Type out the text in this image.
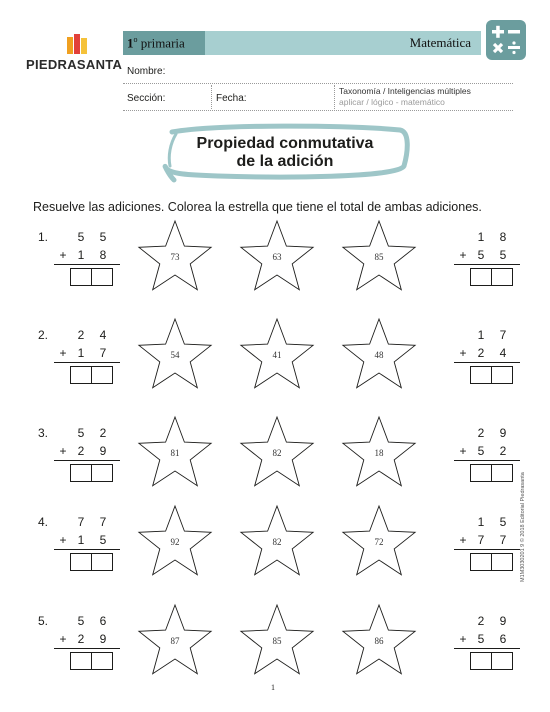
PIEDRASANTA
1$^o$ primaria	Matemática
Nombre:
Sección:	Fecha:
Taxonomía / Inteligencias múltiples
aplicar / lógico - matemático
Propiedad conmutativa
de la adición
Resuelve las adiciones. Colorea la estrella que tiene el total de ambas adiciones.
1.	5	5
+ 1	8
1	8
+ 5	5
73	63	85
2.	2	4
+ 1	7
1	7
+ 2	4
54	41	48
3.	5	2
+ 2	9
2	9
+ 5	2
81	82	18
4.	7	7
+ 1	5
1	5
+ 7	7
92	82	72
5.	5	6
+ 2	9
2	9
+ 5	6
87	85	86
1
M1M3030201 9 © 2018 Editorial Piedrasanta
